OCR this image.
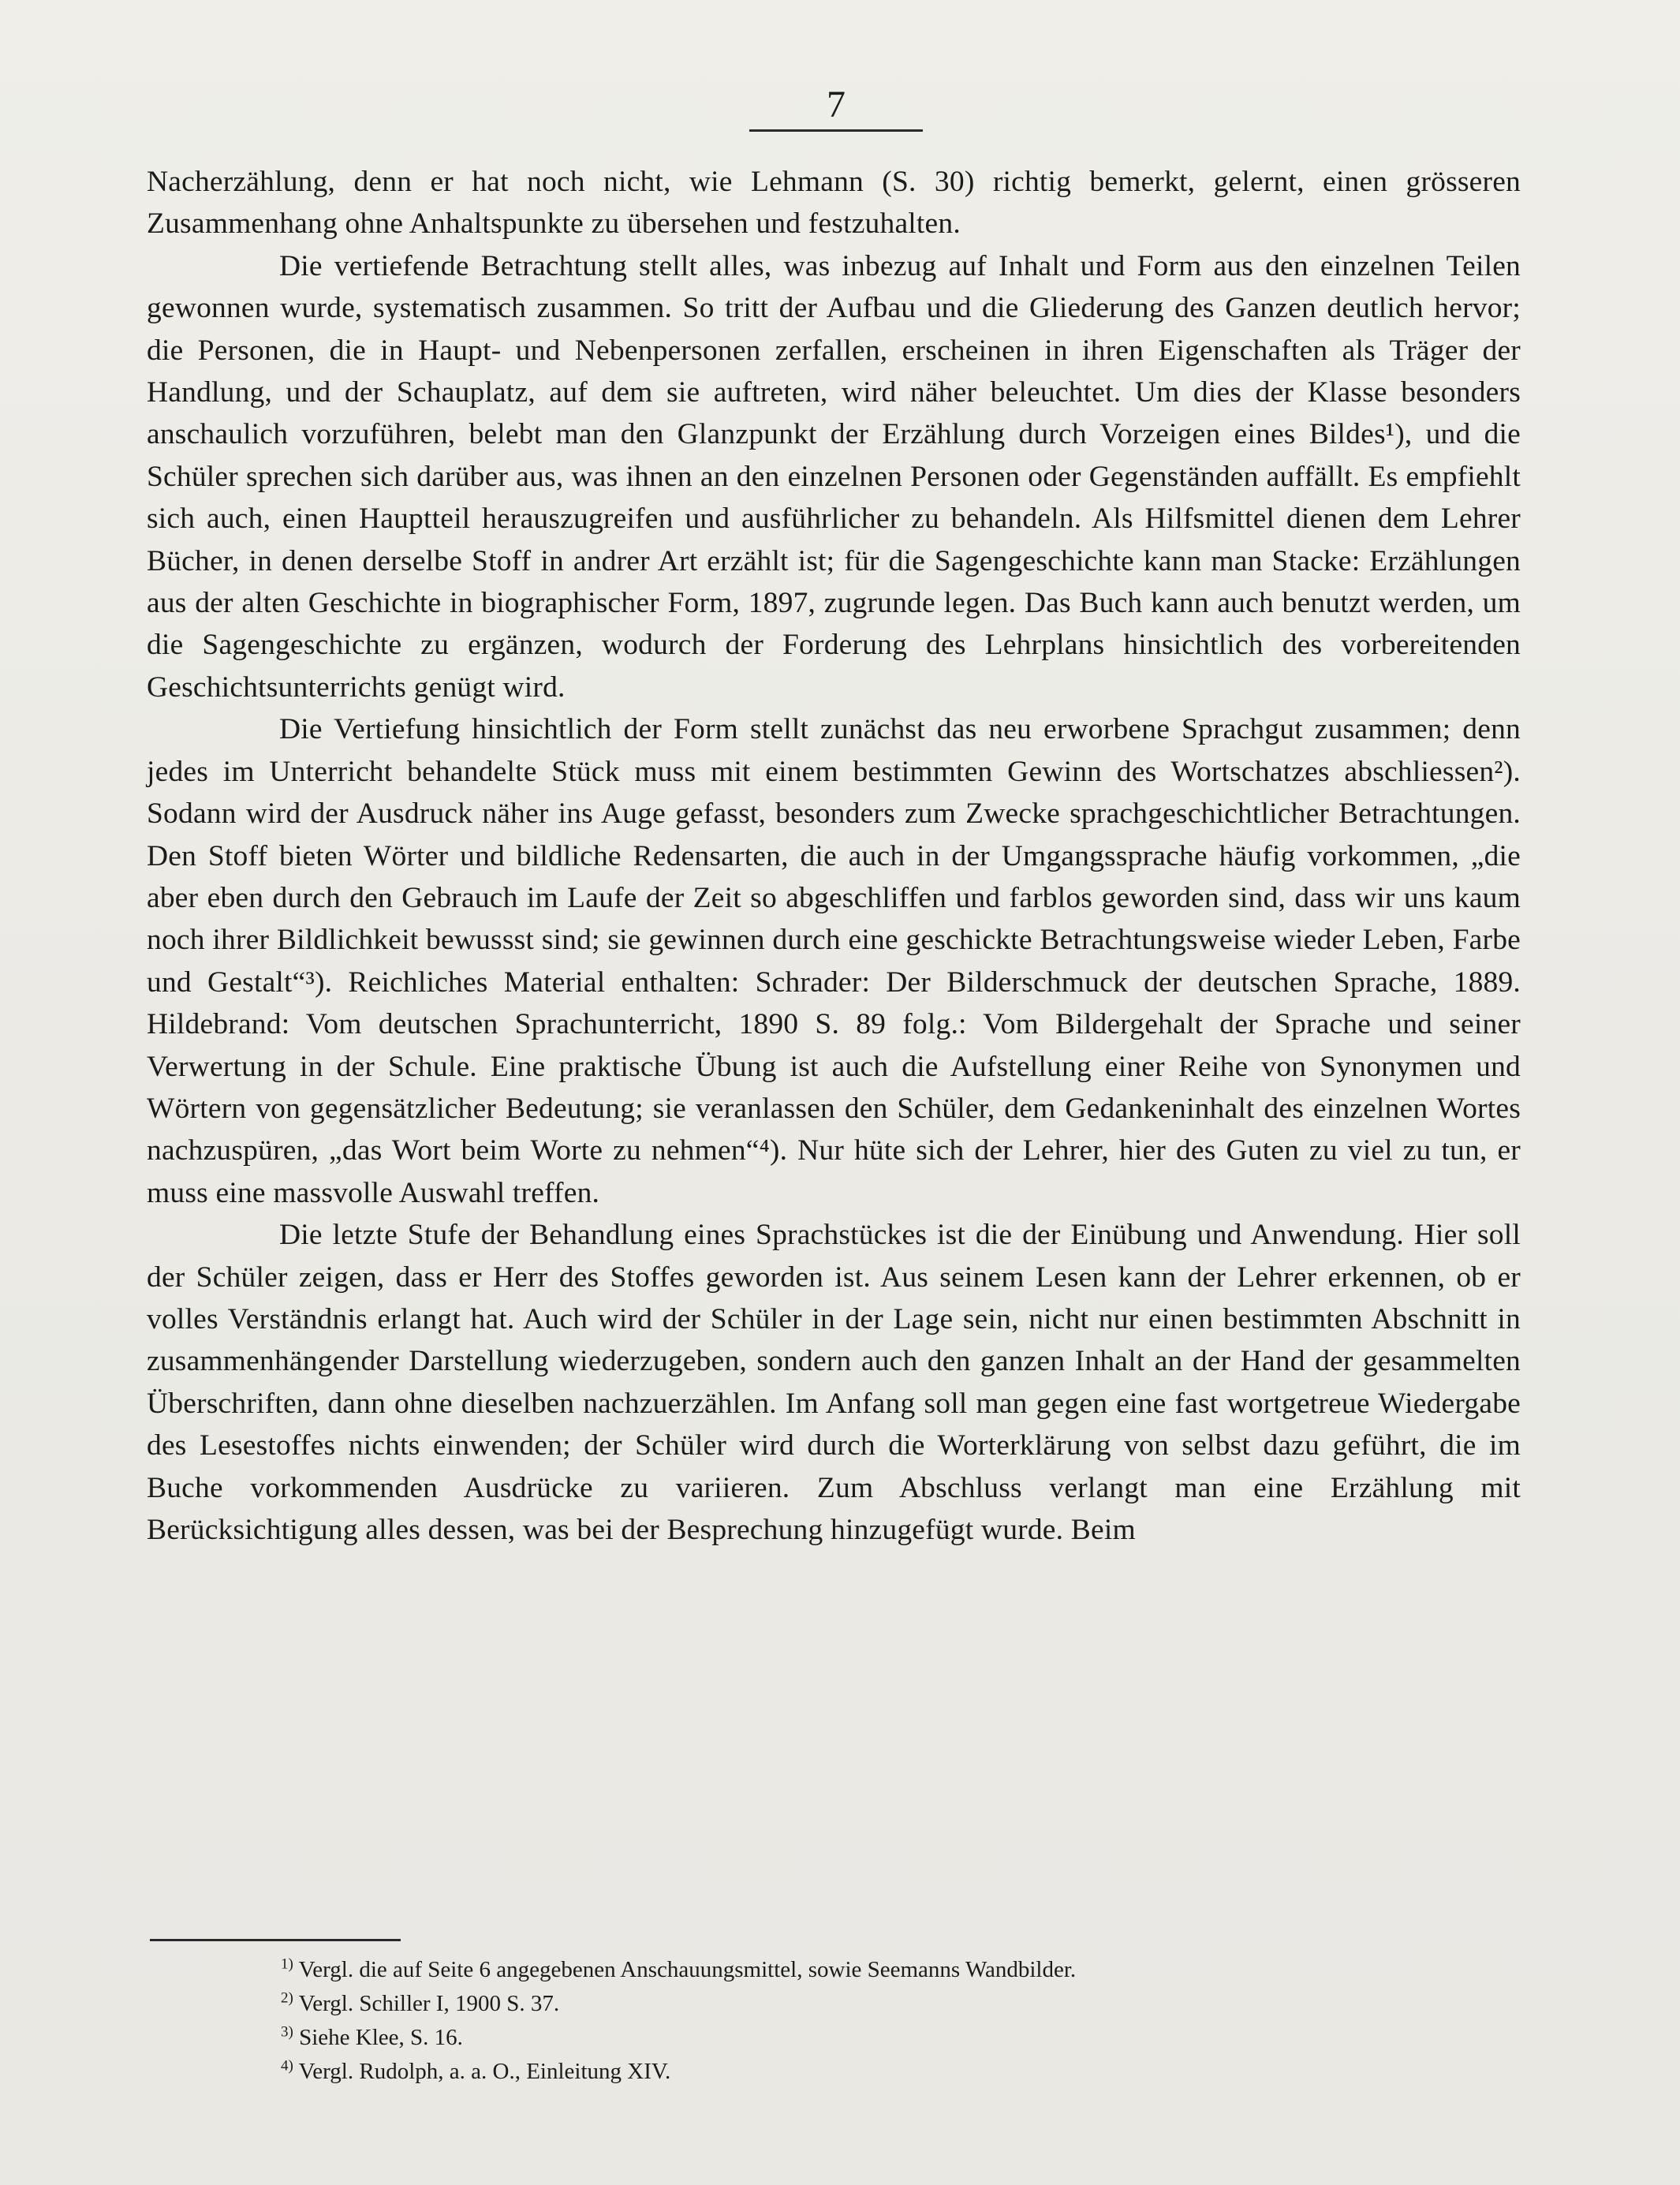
7

Nacherzählung, denn er hat noch nicht, wie Lehmann (S. 30) richtig bemerkt, gelernt, einen grösseren Zusammenhang ohne Anhaltspunkte zu übersehen und festzuhalten.

Die vertiefende Betrachtung stellt alles, was inbezug auf Inhalt und Form aus den einzelnen Teilen gewonnen wurde, systematisch zusammen. So tritt der Aufbau und die Gliederung des Ganzen deutlich hervor; die Personen, die in Haupt- und Nebenpersonen zerfallen, erscheinen in ihren Eigenschaften als Träger der Handlung, und der Schauplatz, auf dem sie auftreten, wird näher beleuchtet. Um dies der Klasse besonders anschaulich vorzuführen, belebt man den Glanzpunkt der Erzählung durch Vorzeigen eines Bildes¹), und die Schüler sprechen sich darüber aus, was ihnen an den einzelnen Personen oder Gegenständen auffällt. Es empfiehlt sich auch, einen Hauptteil herauszugreifen und ausführlicher zu behandeln. Als Hilfsmittel dienen dem Lehrer Bücher, in denen derselbe Stoff in andrer Art erzählt ist; für die Sagengeschichte kann man Stacke: Erzählungen aus der alten Geschichte in biographischer Form, 1897, zugrunde legen. Das Buch kann auch benutzt werden, um die Sagengeschichte zu ergänzen, wodurch der Forderung des Lehrplans hinsichtlich des vorbereitenden Geschichtsunterrichts genügt wird.

Die Vertiefung hinsichtlich der Form stellt zunächst das neu erworbene Sprachgut zusammen; denn jedes im Unterricht behandelte Stück muss mit einem bestimmten Gewinn des Wortschatzes abschliessen²). Sodann wird der Ausdruck näher ins Auge gefasst, besonders zum Zwecke sprachgeschichtlicher Betrachtungen. Den Stoff bieten Wörter und bildliche Redensarten, die auch in der Umgangssprache häufig vorkommen, „die aber eben durch den Gebrauch im Laufe der Zeit so abgeschliffen und farblos geworden sind, dass wir uns kaum noch ihrer Bildlichkeit bewussst sind; sie gewinnen durch eine geschickte Betrachtungsweise wieder Leben, Farbe und Gestalt“³). Reichliches Material enthalten: Schrader: Der Bilderschmuck der deutschen Sprache, 1889. Hildebrand: Vom deutschen Sprachunterricht, 1890 S. 89 folg.: Vom Bildergehalt der Sprache und seiner Verwertung in der Schule. Eine praktische Übung ist auch die Aufstellung einer Reihe von Synonymen und Wörtern von gegensätzlicher Bedeutung; sie veranlassen den Schüler, dem Gedankeninhalt des einzelnen Wortes nachzuspüren, „das Wort beim Worte zu nehmen“⁴). Nur hüte sich der Lehrer, hier des Guten zu viel zu tun, er muss eine massvolle Auswahl treffen.

Die letzte Stufe der Behandlung eines Sprachstückes ist die der Einübung und Anwendung. Hier soll der Schüler zeigen, dass er Herr des Stoffes geworden ist. Aus seinem Lesen kann der Lehrer erkennen, ob er volles Verständnis erlangt hat. Auch wird der Schüler in der Lage sein, nicht nur einen bestimmten Abschnitt in zusammenhängender Darstellung wiederzugeben, sondern auch den ganzen Inhalt an der Hand der gesammelten Überschriften, dann ohne dieselben nachzuerzählen. Im Anfang soll man gegen eine fast wortgetreue Wiedergabe des Lesestoffes nichts einwenden; der Schüler wird durch die Worterklärung von selbst dazu geführt, die im Buche vorkommenden Ausdrücke zu variieren. Zum Abschluss verlangt man eine Erzählung mit Berücksichtigung alles dessen, was bei der Besprechung hinzugefügt wurde. Beim

$^{1)}$ Vergl. die auf Seite 6 angegebenen Anschauungsmittel, sowie Seemanns Wandbilder.
$^{2)}$ Vergl. Schiller I, 1900 S. 37.
$^{3)}$ Siehe Klee, S. 16.
$^{4)}$ Vergl. Rudolph, a. a. O., Einleitung XIV.
